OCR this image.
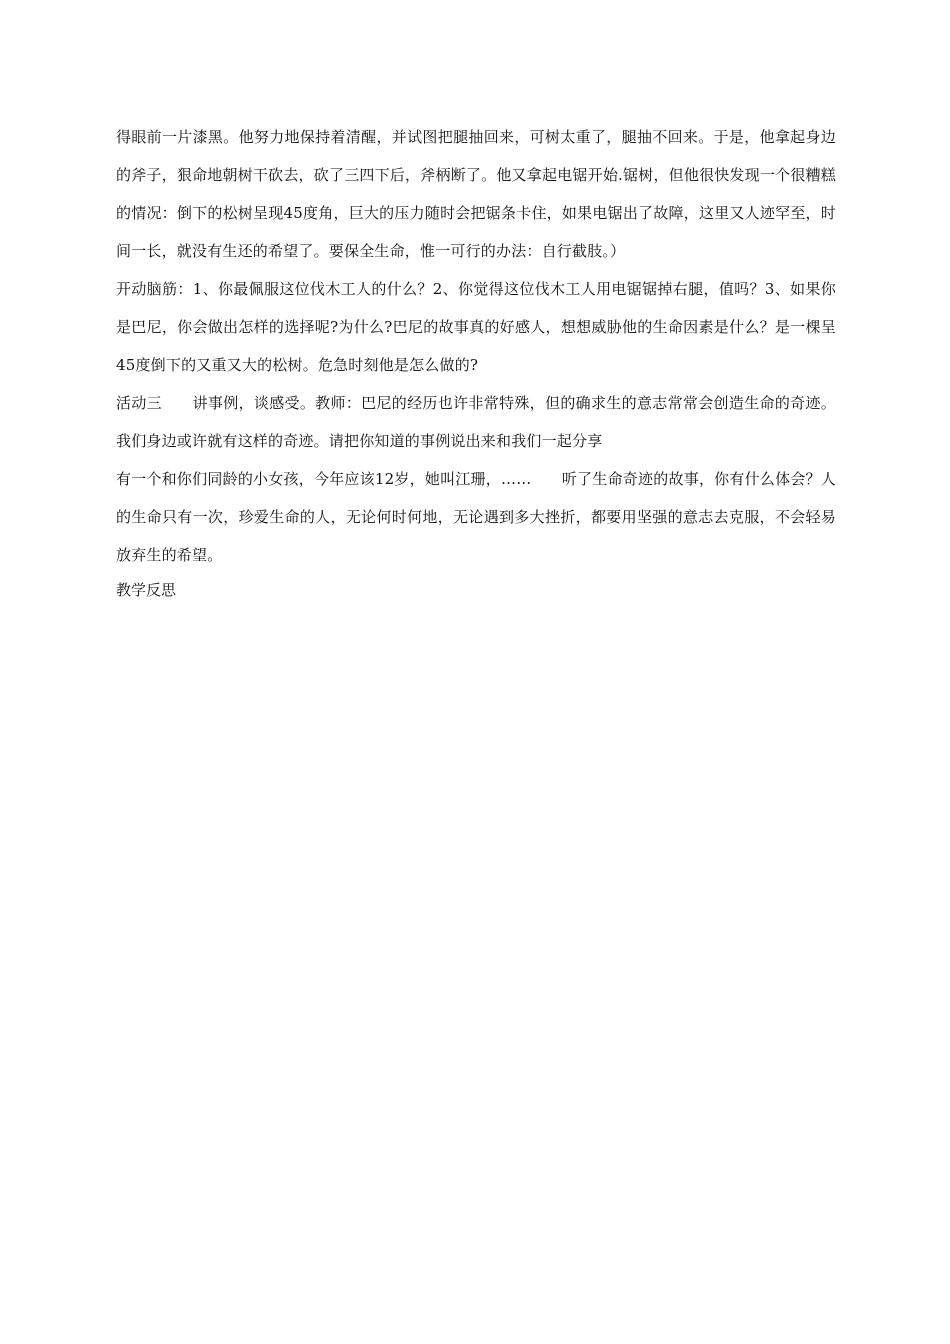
得眼前一片漆黑。他努力地保持着清醒，并试图把腿抽回来，可树太重了，腿抽不回来。于是，他拿起身边的斧子，狠命地朝树干砍去，砍了三四下后，斧柄断了。他又拿起电锯开始.锯树，但他很快发现一个很糟糕的情况：倒下的松树呈现45度角，巨大的压力随时会把锯条卡住，如果电锯出了故障，这里又人迹罕至，时间一长，就没有生还的希望了。要保全生命，惟一可行的办法：自行截肢。）

开动脑筋：1、你最佩服这位伐木工人的什么？2、你觉得这位伐木工人用电锯锯掉右腿，值吗？3、如果你是巴尼，你会做出怎样的选择呢?为什么?巴尼的故事真的好感人，想想威胁他的生命因素是什么？是一棵呈45度倒下的又重又大的松树。危急时刻他是怎么做的?

活动三　　讲事例，谈感受。教师：巴尼的经历也许非常特殊，但的确求生的意志常常会创造生命的奇迹。我们身边或许就有这样的奇迹。请把你知道的事例说出来和我们一起分享

有一个和你们同龄的小女孩，今年应该12岁，她叫江珊，……　　听了生命奇迹的故事，你有什么体会？人的生命只有一次，珍爱生命的人，无论何时何地，无论遇到多大挫折，都要用坚强的意志去克服，不会轻易放弃生的希望。

教学反思
